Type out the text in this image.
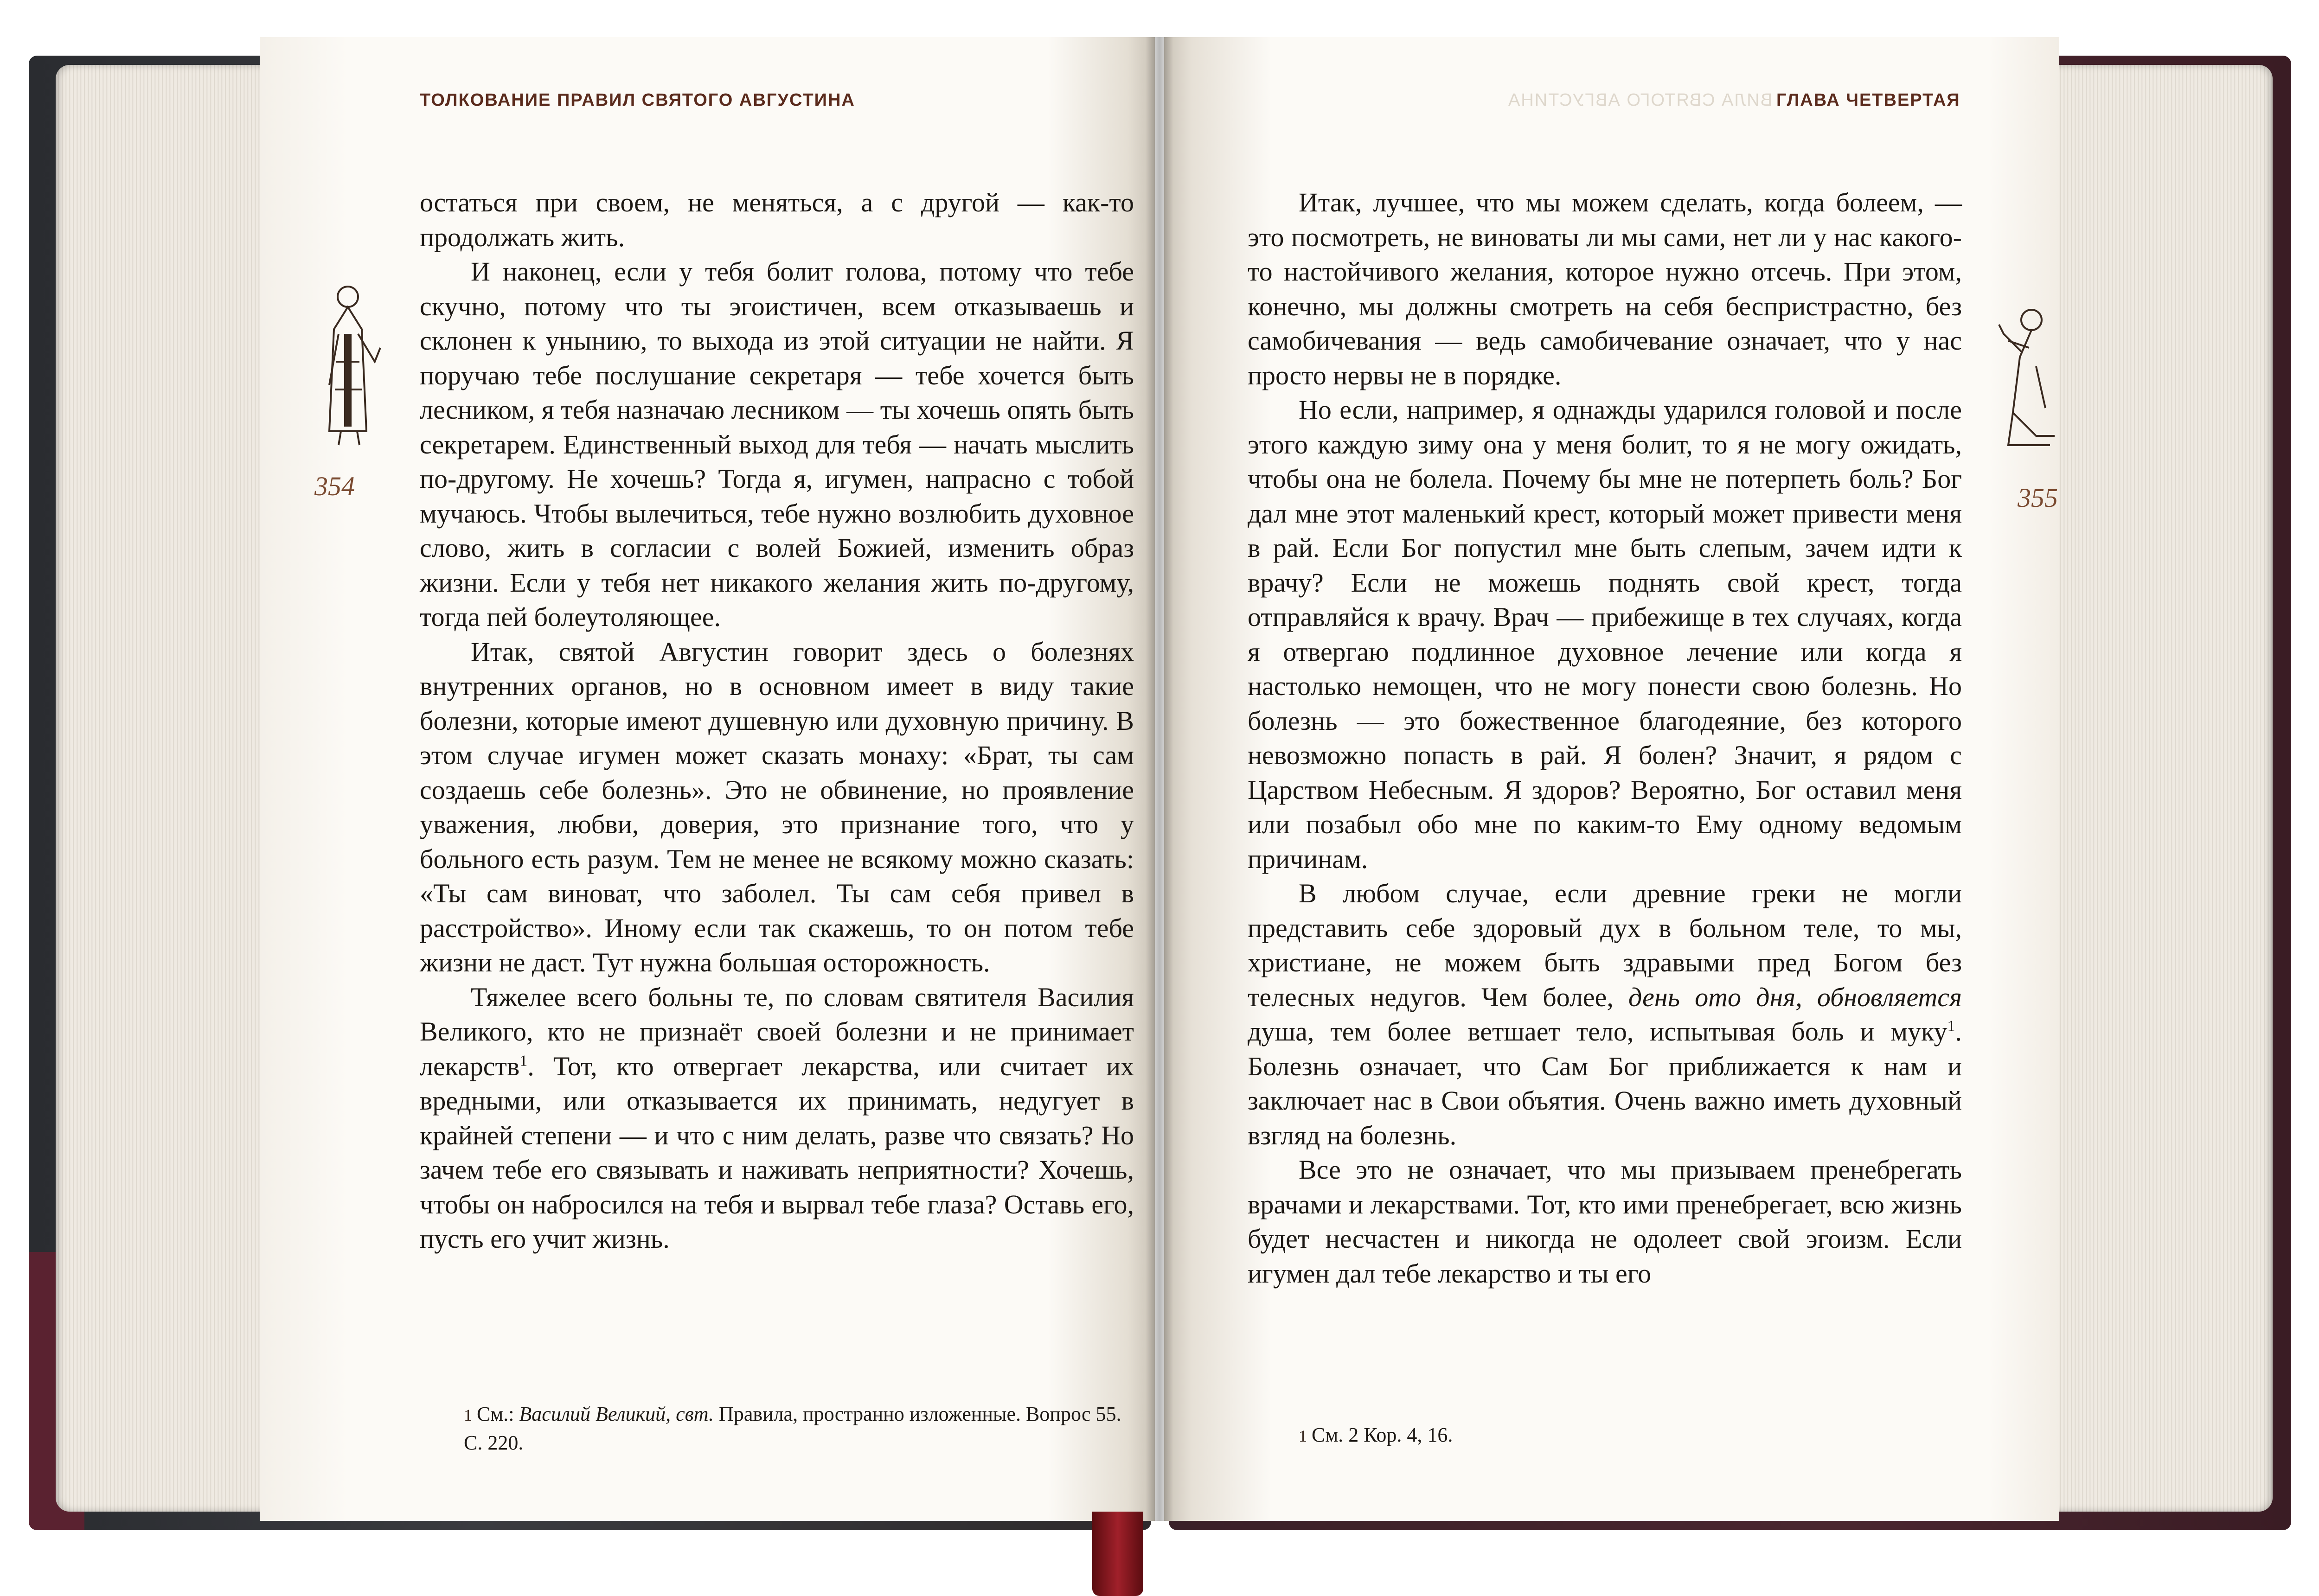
ТОЛКОВАНИЕ ПРАВИЛ СВЯТОГО АВГУСТИНА
354

остаться при своем, не меняться, а с другой — как-то продолжать жить.

И наконец, если у тебя болит голова, потому что тебе скучно, потому что ты эгоистичен, всем отказываешь и склонен к унынию, то выхода из этой ситуации не найти. Я поручаю тебе послушание секретаря — тебе хочется быть лесником, я тебя назначаю лесником — ты хочешь опять быть секретарем. Единственный выход для тебя — начать мыслить по-другому. Не хочешь? Тогда я, игумен, напрасно с тобой мучаюсь. Чтобы вылечиться, тебе нужно возлюбить духовное слово, жить в согласии с волей Божией, изменить образ жизни. Если у тебя нет никакого желания жить по-другому, тогда пей болеутоляющее.

Итак, святой Августин говорит здесь о болезнях внутренних органов, но в основном имеет в виду такие болезни, которые имеют душевную или духовную причину. В этом случае игумен может сказать монаху: «Брат, ты сам создаешь себе болезнь». Это не обвинение, но проявление уважения, любви, доверия, это признание того, что у больного есть разум. Тем не менее не всякому можно сказать: «Ты сам виноват, что заболел. Ты сам себя привел в расстройство». Иному если так скажешь, то он потом тебе жизни не даст. Тут нужна большая осторожность.

Тяжелее всего больны те, по словам святителя Василия Великого, кто не признаёт своей болезни и не принимает лекарств$^1$. Тот, кто отвергает лекарства, или считает их вредными, или отказывается их принимать, недугует в крайней степени — и что с ним делать, разве что связать? Но зачем тебе его связывать и наживать неприятности? Хочешь, чтобы он набросился на тебя и вырвал тебе глаза? Оставь его, пусть его учит жизнь.

1 См.: Василий Великий, свт. Правила, пространно изложенные. Вопрос 55. С. 220.
ВИЛА СВЯТОГО АВГУСТИНА ГЛАВА ЧЕТВЕРТАЯ

Итак, лучшее, что мы можем сделать, когда болеем, — это посмотреть, не виноваты ли мы сами, нет ли у нас какого-то настойчивого желания, которое нужно отсечь. При этом, конечно, мы должны смотреть на себя беспристрастно, без самобичевания — ведь самобичевание означает, что у нас просто нервы не в порядке.

Но если, например, я однажды ударился головой и после этого каждую зиму она у меня болит, то я не могу ожидать, чтобы она не болела. Почему бы мне не потерпеть боль? Бог дал мне этот маленький крест, который может привести меня в рай. Если Бог попустил мне быть слепым, зачем идти к врачу? Если не можешь поднять свой крест, тогда отправляйся к врачу. Врач — прибежище в тех случаях, когда я отвергаю подлинное духовное лечение или когда я настолько немощен, что не могу понести свою болезнь. Но болезнь — это божественное благодеяние, без которого невозможно попасть в рай. Я болен? Значит, я рядом с Царством Небесным. Я здоров? Вероятно, Бог оставил меня или позабыл обо мне по каким-то Ему одному ведомым причинам.

В любом случае, если древние греки не могли представить себе здоровый дух в больном теле, то мы, христиане, не можем быть здравыми пред Богом без телесных недугов. Чем более, день ото дня, обновляется душа, тем более ветшает тело, испытывая боль и муку$^1$. Болезнь означает, что Сам Бог приближается к нам и заключает нас в Свои объятия. Очень важно иметь духовный взгляд на болезнь.

Все это не означает, что мы призываем пренебрегать врачами и лекарствами. Тот, кто ими пренебрегает, всю жизнь будет несчастен и никогда не одолеет свой эгоизм. Если игумен дал тебе лекарство и ты его

355
1 См. 2 Кор. 4, 16.
